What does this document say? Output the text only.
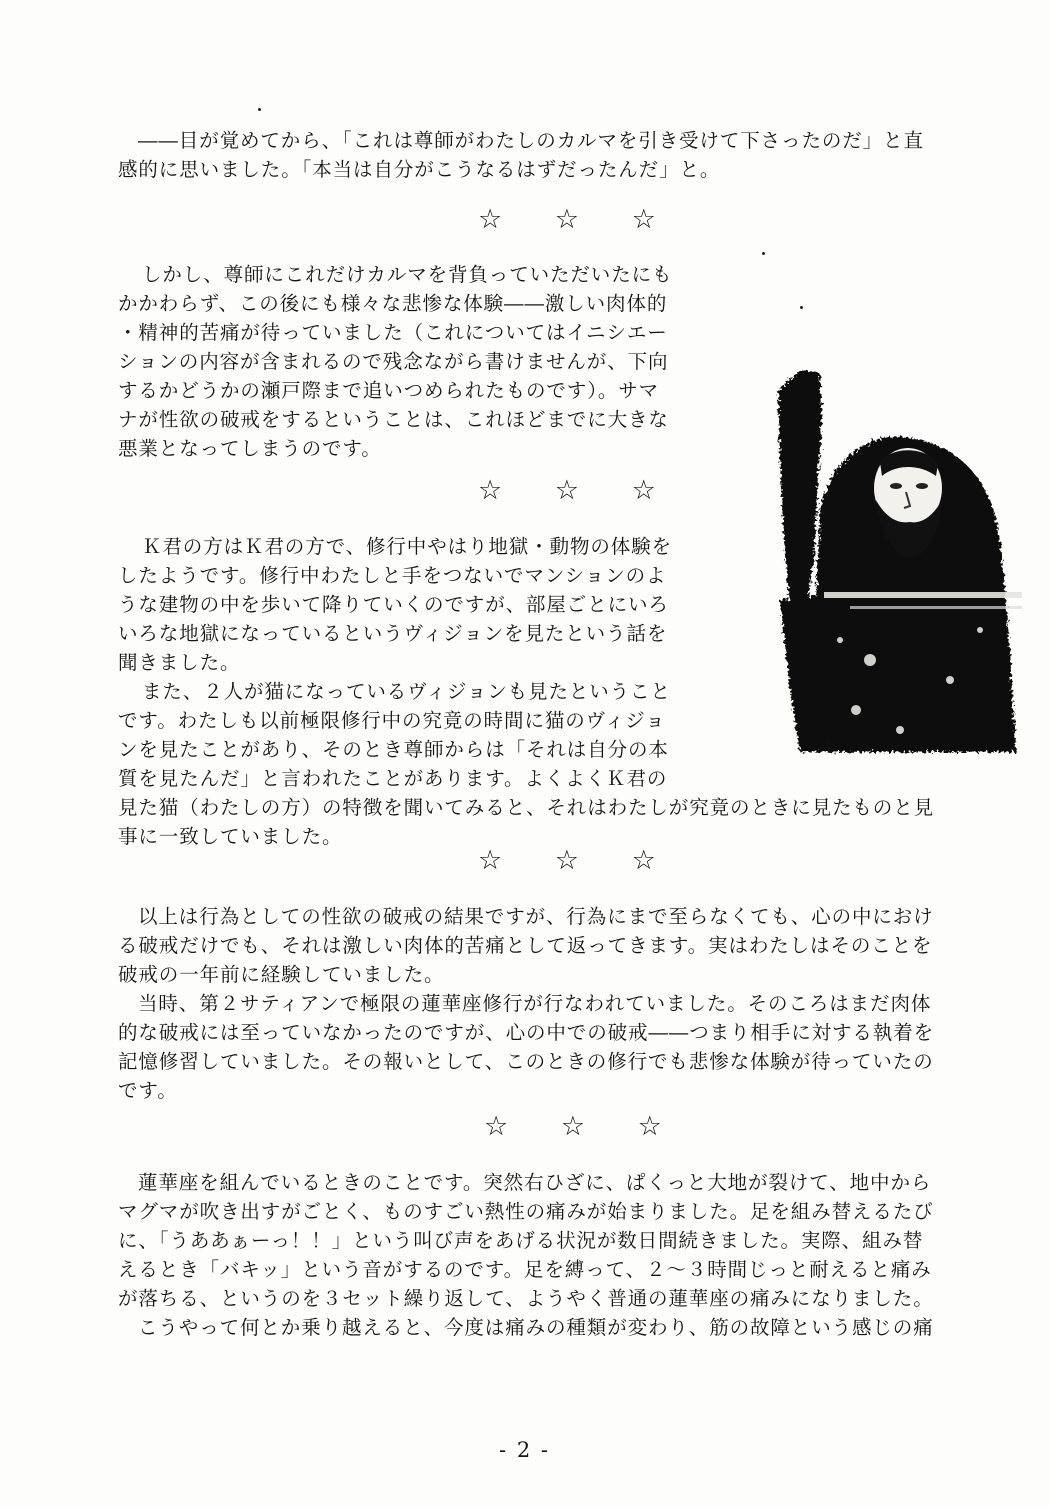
――目が覚めてから、「これは尊師がわたしのカルマを引き受けて下さったのだ」と直
感的に思いました。「本当は自分がこうなるはずだったんだ」と。
☆ ☆ ☆
しかし、尊師にこれだけカルマを背負っていただいたにも
かかわらず、この後にも様々な悲惨な体験――激しい肉体的
・精神的苦痛が待っていました（これについてはイニシエー
ションの内容が含まれるので残念ながら書けませんが、下向
するかどうかの瀬戸際まで追いつめられたものです）。サマ
ナが性欲の破戒をするということは、これほどまでに大きな
悪業となってしまうのです。
☆ ☆ ☆
Ｋ君の方はＫ君の方で、修行中やはり地獄・動物の体験を
したようです。修行中わたしと手をつないでマンションのよ
うな建物の中を歩いて降りていくのですが、部屋ごとにいろ
いろな地獄になっているというヴィジョンを見たという話を
聞きました。
また、２人が猫になっているヴィジョンも見たということ
です。わたしも以前極限修行中の究竟の時間に猫のヴィジョ
ンを見たことがあり、そのとき尊師からは「それは自分の本
質を見たんだ」と言われたことがあります。よくよくＫ君の
見た猫（わたしの方）の特徴を聞いてみると、それはわたしが究竟のときに見たものと見
事に一致していました。
☆ ☆ ☆
以上は行為としての性欲の破戒の結果ですが、行為にまで至らなくても、心の中におけ
る破戒だけでも、それは激しい肉体的苦痛として返ってきます。実はわたしはそのことを
破戒の一年前に経験していました。
当時、第２サティアンで極限の蓮華座修行が行なわれていました。そのころはまだ肉体
的な破戒には至っていなかったのですが、心の中での破戒――つまり相手に対する執着を
記憶修習していました。その報いとして、このときの修行でも悲惨な体験が待っていたの
です。
☆ ☆ ☆
蓮華座を組んでいるときのことです。突然右ひざに、ぱくっと大地が裂けて、地中から
マグマが吹き出すがごとく、ものすごい熱性の痛みが始まりました。足を組み替えるたび
に、「うああぁーっ！！」という叫び声をあげる状況が数日間続きました。実際、組み替
えるとき「バキッ」という音がするのです。足を縛って、２～３時間じっと耐えると痛み
が落ちる、というのを３セット繰り返して、ようやく普通の蓮華座の痛みになりました。
こうやって何とか乗り越えると、今度は痛みの種類が変わり、筋の故障という感じの痛
- 2 -
